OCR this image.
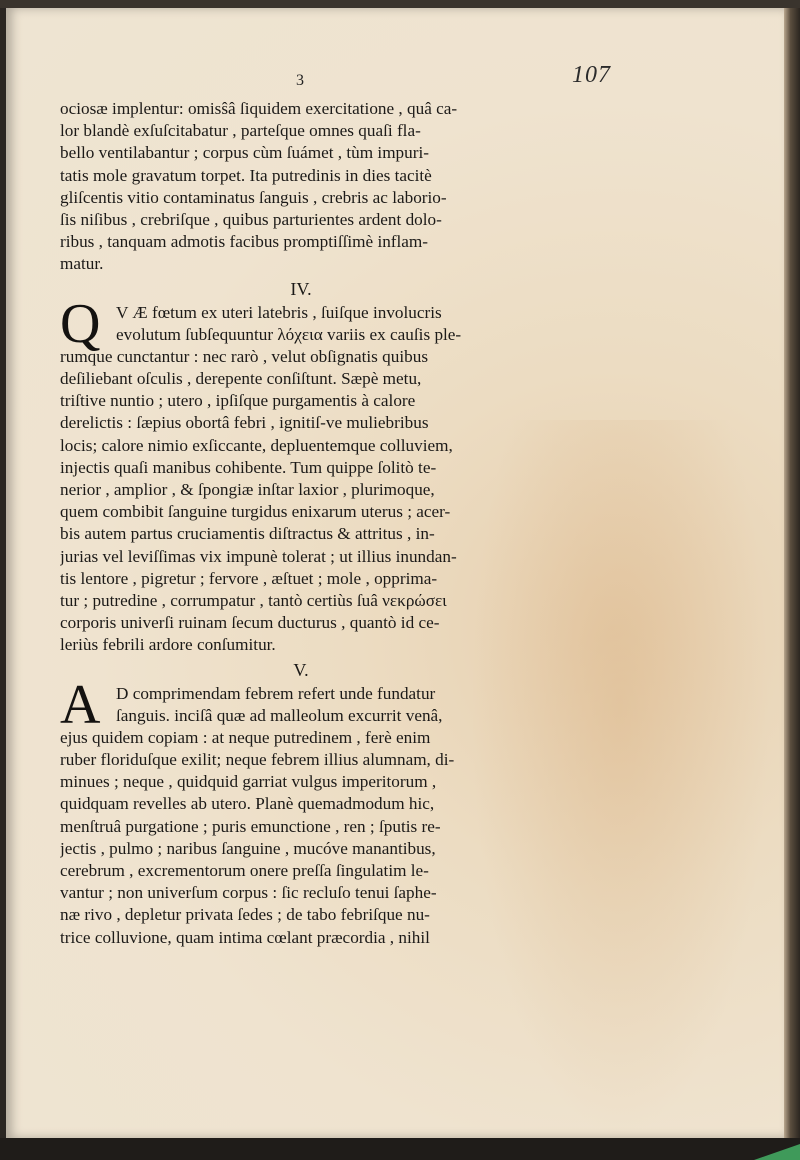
3	107
ociosæ implentur: omisŝâ ſiquidem exercitatione , quâ ca-
lor blandè exſuſcitabatur , parteſque omnes quaſi fla-
bello ventilabantur ; corpus cùm ſuámet , tùm impuri-
tatis mole gravatum torpet. Ita putredinis in dies tacitè
gliſcentis vitio contaminatus ſanguis , crebris ac laborio-
ſis niſibus , crebriſque , quibus parturientes ardent dolo-
ribus , tanquam admotis facibus promptiſſimè inflam-
matur.
IV.
Q V Æ fœtum ex uteri latebris , ſuiſque involucris
evolutum ſubſequuntur λόχεια variis ex cauſis ple-
rumque cunctantur : nec rarò , velut obſignatis quibus
deſiliebant oſculis , derepente conſiſtunt. Sæpè metu,
triſtive nuntio ; utero , ipſiſque purgamentis à calore
derelictis : ſæpius obortâ febri , ignitiſ-ve muliebribus
locis; calore nimio exſiccante, depluentemque colluviem,
injectis quaſi manibus cohibente. Tum quippe ſolitò te-
nerior , amplior , & ſpongiæ inſtar laxior , plurimoque,
quem combibit ſanguine turgidus enixarum uterus ; acer-
bis autem partus cruciamentis diſtractus & attritus , in-
jurias vel leviſſimas vix impunè tolerat ; ut illius inundan-
tis lentore , pigretur ; fervore , æſtuet ; mole , opprima-
tur ; putredine , corrumpatur , tantò certiùs ſuâ νεκρώσει
corporis univerſi ruinam ſecum ducturus , quantò id ce-
leriùs febrili ardore conſumitur.
V.
A D comprimendam febrem refert unde fundatur
ſanguis. inciſâ quæ ad malleolum excurrit venâ,
ejus quidem copiam : at neque putredinem , ferè enim
ruber floriduſque exilit; neque febrem illius alumnam, di-
minues ; neque , quidquid garriat vulgus imperitorum ,
quidquam revelles ab utero. Planè quemadmodum hic,
menſtruâ purgatione ; puris emunctione , ren ; ſputis re-
jectis , pulmo ; naribus ſanguine , mucóve manantibus,
cerebrum , excrementorum onere preſſa ſingulatim le-
vantur ; non univerſum corpus : ſic recluſo tenui ſaphe-
næ rivo , depletur privata ſedes ; de tabo febriſque nu-
trice colluvione, quam intima cœlant præcordia , nihil
